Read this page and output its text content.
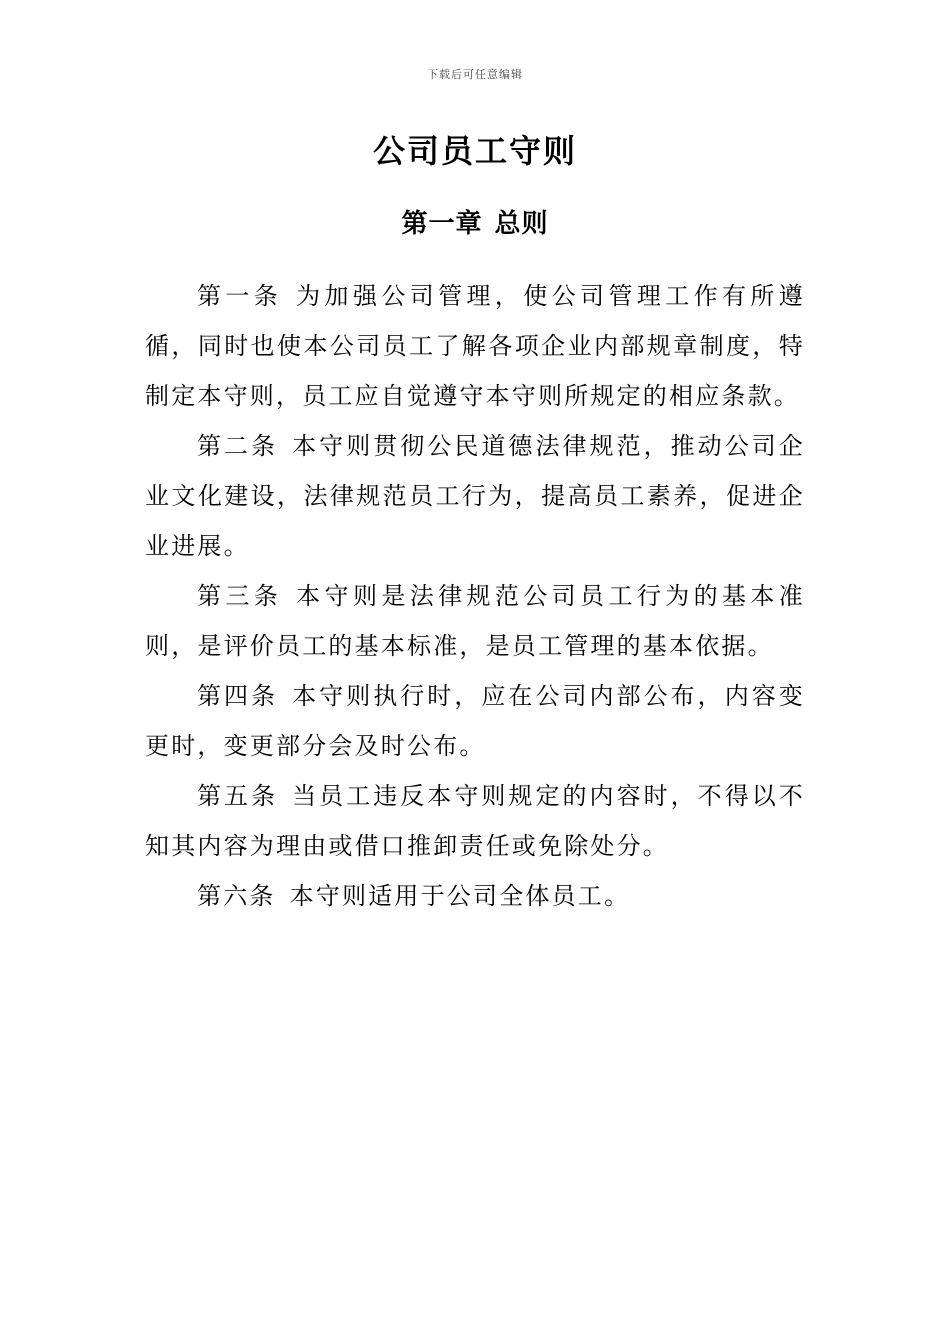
下载后可任意编辑
公司员工守则
第一章 总则

第一条 为加强公司管理，使公司管理工作有所遵循，同时也使本公司员工了解各项企业内部规章制度，特制定本守则，员工应自觉遵守本守则所规定的相应条款。

第二条 本守则贯彻公民道德法律规范，推动公司企业文化建设，法律规范员工行为，提高员工素养，促进企业进展。

第三条 本守则是法律规范公司员工行为的基本准则，是评价员工的基本标准，是员工管理的基本依据。

第四条 本守则执行时，应在公司内部公布，内容变更时，变更部分会及时公布。

第五条 当员工违反本守则规定的内容时，不得以不知其内容为理由或借口推卸责任或免除处分。

第六条 本守则适用于公司全体员工。
